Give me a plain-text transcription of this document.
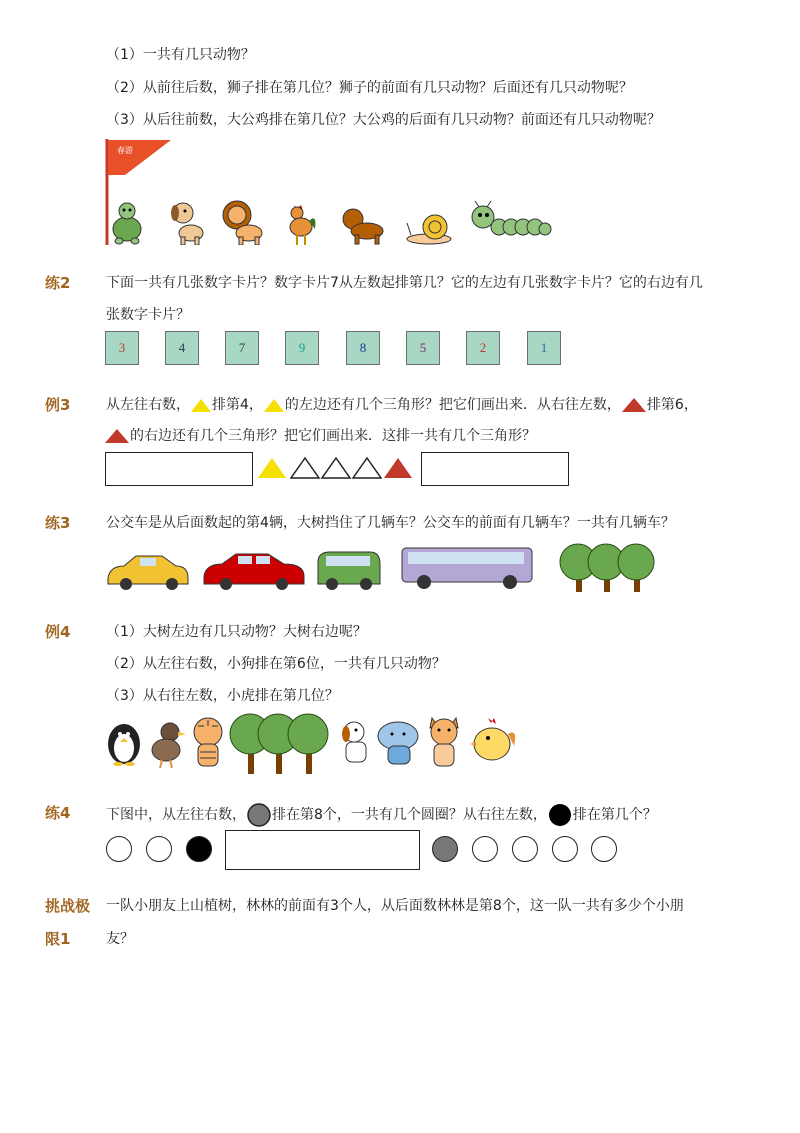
（1）一共有几只动物？
（2）从前往后数，狮子排在第几位？狮子的前面有几只动物？后面还有几只动物呢？
（3）从后往前数，大公鸡排在第几位？大公鸡的后面有几只动物？前面还有几只动物呢？
春游
练2	下面一共有几张数字卡片？数字卡片7从左数起排第几？它的左边有几张数字卡片？它的右边有几
张数字卡片？
3	4	7	9	8	5	2	1
例3	从左往右数， 排第4， 的左边还有几个三角形？把它们画出来．从右往左数， 排第6，
的右边还有几个三角形？把它们画出来．这排一共有几个三角形？
练3	公交车是从后面数起的第4辆，大树挡住了几辆车？公交车的前面有几辆车？一共有几辆车？
例4	（1）大树左边有几只动物？大树右边呢？
（2）从左往右数，小狗排在第6位，一共有几只动物？
（3）从右往左数，小虎排在第几位？
练4	下图中，从左往右数， 排在第8个，一共有几个圆圈？从右往左数， 排在第几个？
挑战极
限1
一队小朋友上山植树，林林的前面有3个人，从后面数林林是第8个，这一队一共有多少个小朋
友？
